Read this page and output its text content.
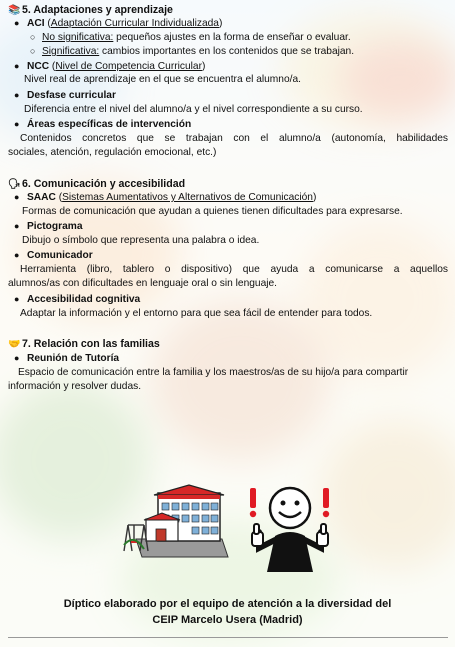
📚 5. Adaptaciones y aprendizaje
● ACI (Adaptación Curricular Individualizada)
○ No significativa: pequeños ajustes en la forma de enseñar o evaluar.
○ Significativa: cambios importantes en los contenidos que se trabajan.
● NCC (Nivel de Competencia Curricular)
Nivel real de aprendizaje en el que se encuentra el alumno/a.
● Desfase curricular
Diferencia entre el nivel del alumno/a y el nivel correspondiente a su curso.
● Áreas específicas de intervención
Contenidos concretos que se trabajan con el alumno/a (autonomía, habilidades
sociales, atención, regulación emocional, etc.)
🗣6. Comunicación y accesibilidad
● SAAC (Sistemas Aumentativos y Alternativos de Comunicación)
Formas de comunicación que ayudan a quienes tienen dificultades para expresarse.
● Pictograma
Dibujo o símbolo que representa una palabra o idea.
● Comunicador
Herramienta (libro, tablero o dispositivo) que ayuda a comunicarse a aquellos
alumnos/as con dificultades en lenguaje oral o sin lenguaje.
● Accesibilidad cognitiva
Adaptar la información y el entorno para que sea fácil de entender para todos.
🤝 7. Relación con las familias
● Reunión de Tutoría
Espacio de comunicación entre la familia y los maestros/as de su hijo/a para compartir
información y resolver dudas.
Díptico elaborado por el equipo de atención a la diversidad del
CEIP Marcelo Usera (Madrid)
